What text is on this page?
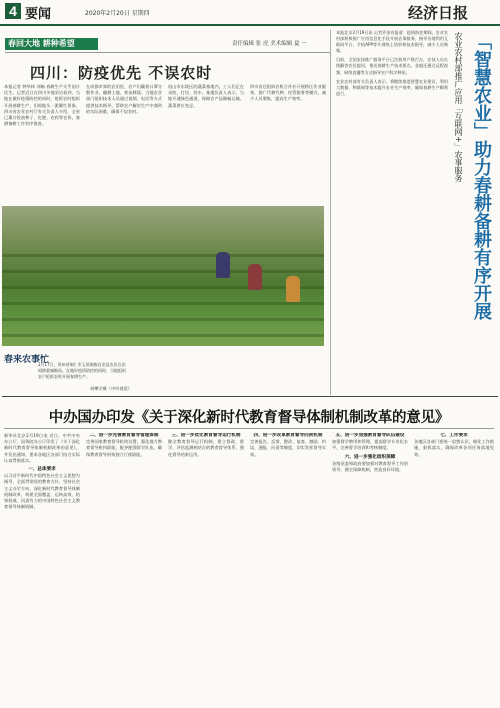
4 要闻	2020年2月20日 星期四	经济日报
春回大地 耕种希望	责任编辑 张 虎 美术编辑 夏 一
四川：防疫优先 不误农时
本报记者 钟华林 刘畅 春耕生产关乎国计民生。记者近日在四川多地采访看到，当地在做好疫情防控的同时，抢抓农时组织开展春耕生产，田间地头一派繁忙景象。四川省农业农村厅有关负责人介绍，全省已累计投放种子、化肥、农药等农资，春耕备耕工作有序推进。
在成都市郊的农田里，农户们戴着口罩分散作业，翻耕土地、育苗移栽。当地农业部门组织技术人员通过视频、电话等方式提供技术指导，帮助农户解决生产中遇到的实际困难，确保不误农时。
眉山市东坡区的蔬菜基地内，工人们正在采收、打包、装车。基地负责人表示，当地开通绿色通道，保障农产品顺畅运输，蔬菜供应充足。
四川省还组织农机合作社开展跨区作业服务，推广代耕代种、托管服务等模式，减少人员聚集，提高生产效率。
春来农事忙
2月17日，贵州省铜仁市玉屏侗族自治县农民在田间移栽辣椒苗。在做好疫情防控的同时，当地组织农户抢抓农时开展春耕生产。
胡攀学摄（中经视觉）
本报北京2月19日讯 记者乔金亮报道：疫情防控期间，农业农村部积极推广应用信息化手段开展农事服务，指导各地利用互联网平台、手机APP等开展线上培训和技术指导，减少人员聚集。
目前，全国农技推广服务平台已注册用户数百万，农技人员在线解答农民提问，推送春耕生产技术要点。各地还通过远程视频、网络直播等方式指导农户科学种田。
农业农村部有关负责人表示，将继续推进智慧农业建设，利用大数据、物联网等技术提升农业生产效率，确保春耕生产顺利进行。	农业农村部推广应用「互联网+」农事服务 「智慧农业」助力春耕备耕有序开展
中办国办印发《关于深化新时代教育督导体制机制改革的意见》
新华社北京2月19日电 近日，中共中央办公厅、国务院办公厅印发了《关于深化新时代教育督导体制机制改革的意见》，并发出通知，要求各地区各部门结合实际认真贯彻落实。
一、总体要求
以习近平新时代中国特色社会主义思想为指导，全面贯彻党的教育方针，坚持社会主义办学方向，深化新时代教育督导体制机制改革，构建全面覆盖、运转高效、结果权威、问责有力的中国特色社会主义教育督导体制机制。
二、进一步完善教育督导管理体制
完善国家教育督导机构设置，强化地方教育督导机构职能，配齐配强督学队伍，确保教育督导机构独立行使职能。
三、进一步优化教育督导运行机制
健全教育督导运行机制，建立督政、督学、评估监测相结合的教育督导体系，强化督导结果运用。
四、进一步改革教育督导问责机制
完善报告、反馈、整改、复查、激励、约谈、通报、问责等制度，切实发挥督导实效。
五、进一步加强教育督导队伍建设
加强督学聘用和管理，提高督学专业化水平，完善督学培训和考核制度。
六、进一步强化组织保障
各级党委和政府要加强对教育督导工作的领导，健全保障机制，营造良好环境。
七、工作要求
各地区各部门要统一思想认识，细化工作措施，狠抓落实，确保改革各项任务落地见效。
